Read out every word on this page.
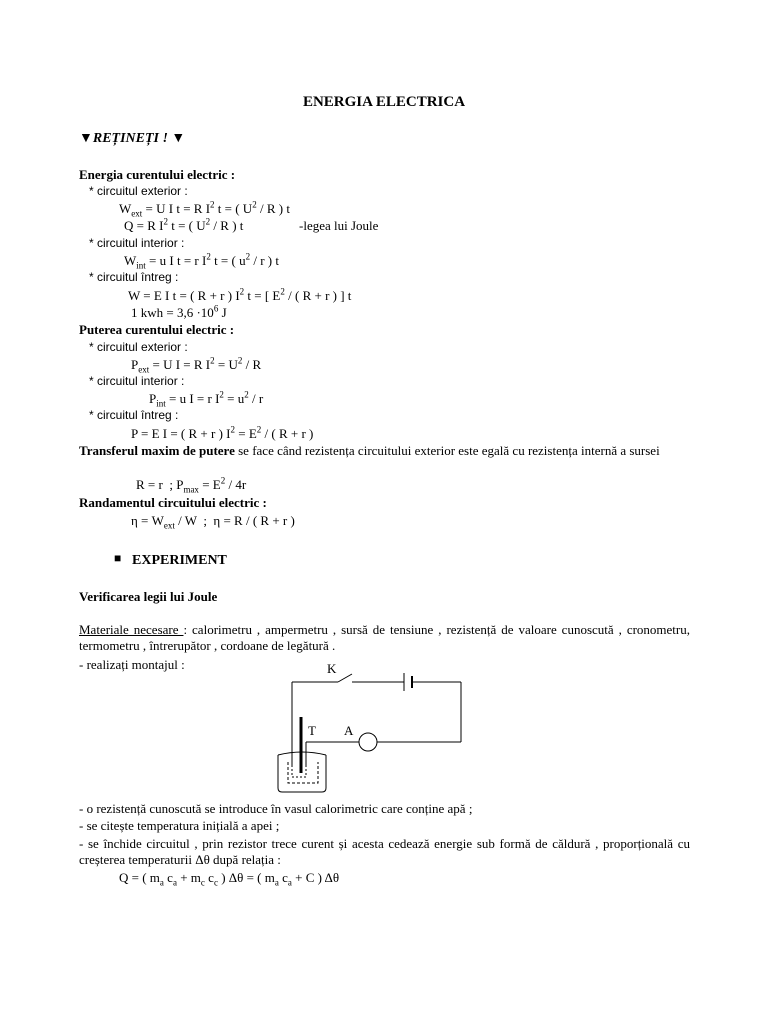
ENERGIA ELECTRICA
▼REȚINEȚI ! ▼
Energia curentului electric :
* circuitul exterior :
$W_{ext} = U$ I t = R $I^2$ t = ( $U^2$ / R ) t
Q = R $I^2$ t = ( $U^2$ / R ) t	-legea lui Joule
* circuitul interior :
$W_{int} = u$ I t = r $I^2$ t = ( $u^2$ / r ) t
* circuitul întreg :
W = E I t = ( R + r ) $I^2$ t = [ $E^2$ / ( R + r ) ] t
1 kwh = $3,6 \cdot 10^6$ J
Puterea curentului electric :
* circuitul exterior :
$P_{ext} = U$ I = R $I^2 = U^2 / R$
* circuitul interior :
$P_{int} = u$ I = r $I^2 = u^2 / r$
* circuitul întreg :
P = E I = ( R + r ) $I^2 = E^2$ / ( R + r )
Transferul maxim de putere se face când rezistența circuitului exterior este egală cu rezistența internă a sursei
R = r  ; $P_{max} = E^2 / 4r$
Randamentul circuitului electric :
$\eta = W_{ext} / W$  ;  η = R / ( R + r )
■ EXPERIMENT
Verificarea legii lui Joule
Materiale necesare : calorimetru , ampermetru , sursă de tensiune , rezistență de valoare cunoscută , cronometru, termometru , întrerupător , cordoane de legătură .
- realizați montajul :	K
T A
- o rezistență cunoscută se introduce în vasul calorimetric care conține apă ;
- se citește temperatura inițială a apei ;
- se închide circuitul , prin rezistor trece curent și acesta cedează energie sub formă de căldură , proporțională cu creșterea temperaturii Δθ după relația :
Q = ( $m_a$ $c_a + m_c$ $c_c$ ) Δθ = ( $m_a$ $c_a + C$ ) Δθ
